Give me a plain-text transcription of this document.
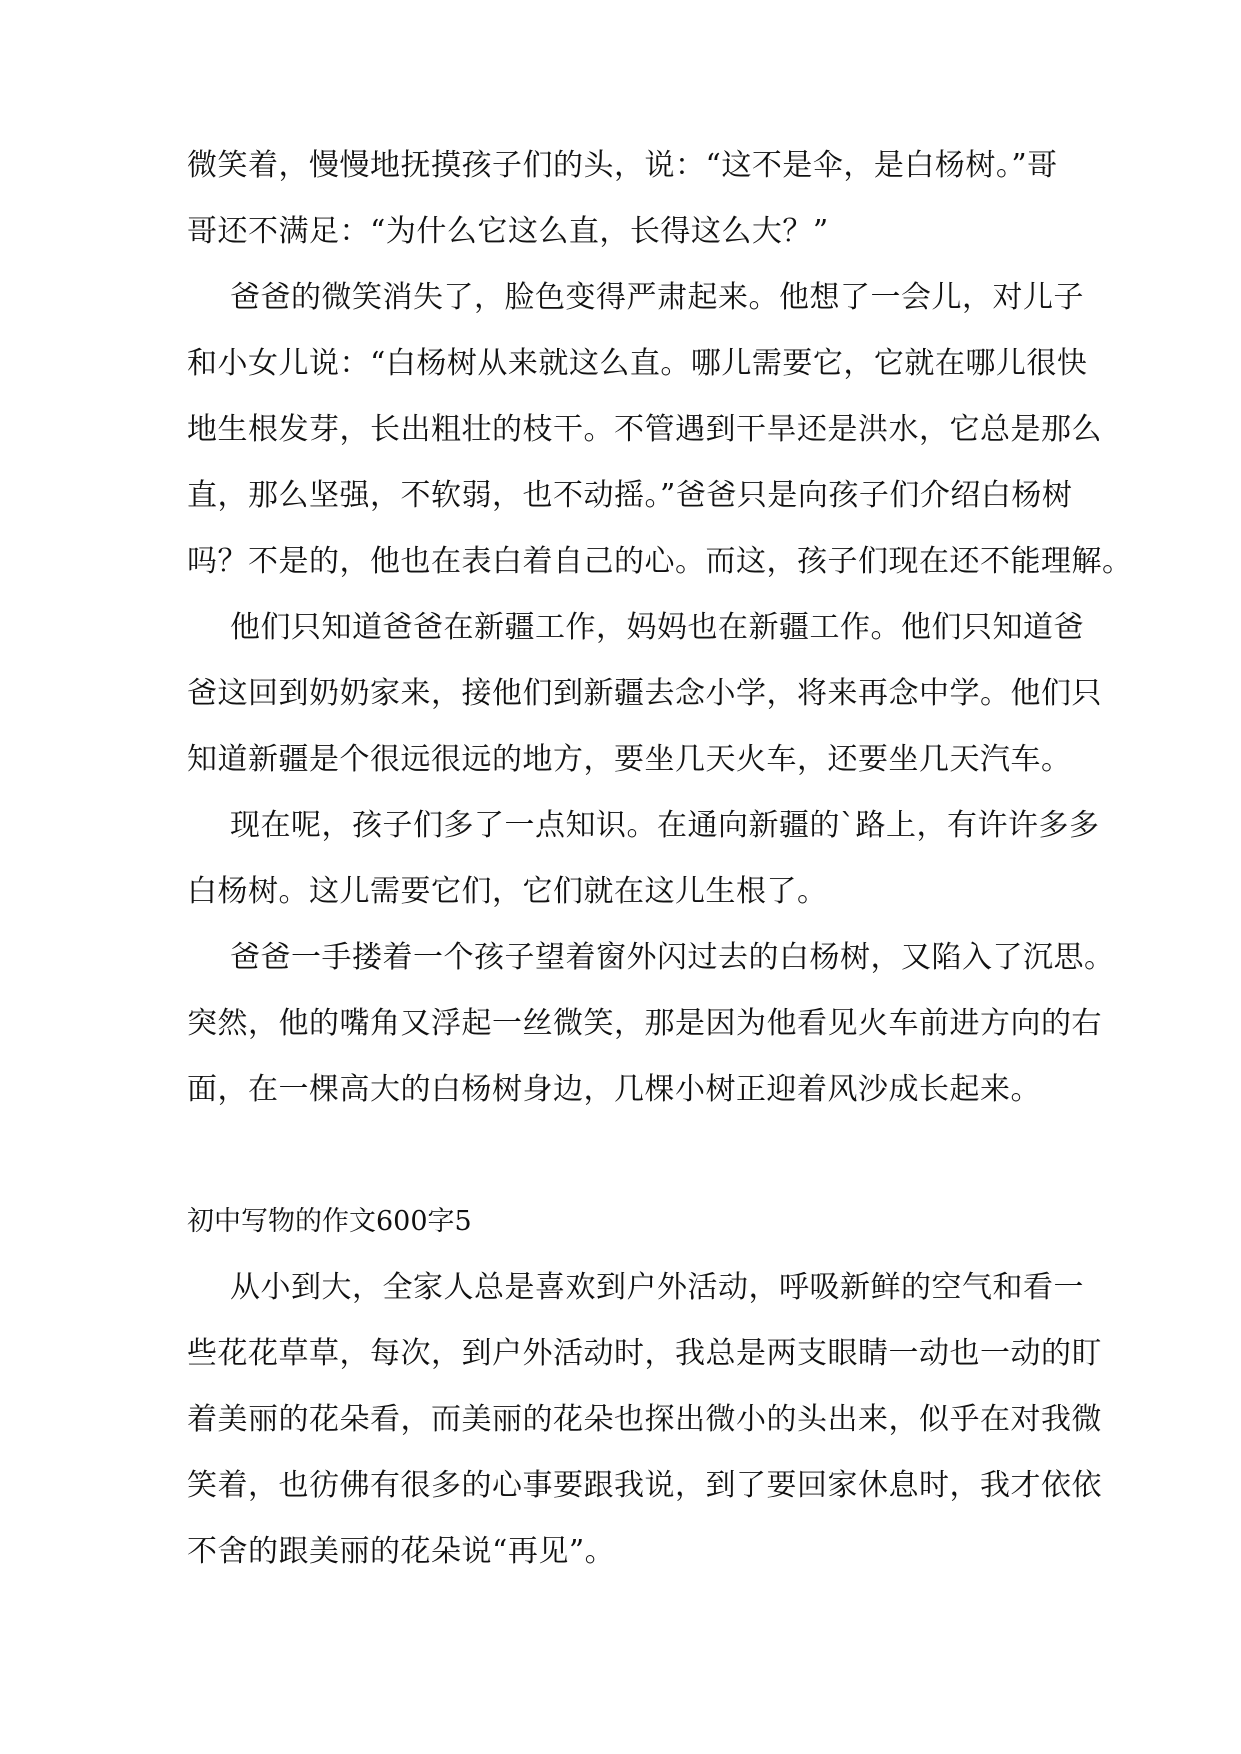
微笑着，慢慢地抚摸孩子们的头，说：“这不是伞，是白杨树。”哥
哥还不满足：“为什么它这么直，长得这么大？”
爸爸的微笑消失了，脸色变得严肃起来。他想了一会儿，对儿子
和小女儿说：“白杨树从来就这么直。哪儿需要它，它就在哪儿很快
地生根发芽，长出粗壮的枝干。不管遇到干旱还是洪水，它总是那么
直，那么坚强，不软弱，也不动摇。”爸爸只是向孩子们介绍白杨树
吗？不是的，他也在表白着自己的心。而这，孩子们现在还不能理解。
他们只知道爸爸在新疆工作，妈妈也在新疆工作。他们只知道爸
爸这回到奶奶家来，接他们到新疆去念小学，将来再念中学。他们只
知道新疆是个很远很远的地方，要坐几天火车，还要坐几天汽车。
现在呢，孩子们多了一点知识。在通向新疆的`路上，有许许多多
白杨树。这儿需要它们，它们就在这儿生根了。
爸爸一手搂着一个孩子望着窗外闪过去的白杨树，又陷入了沉思。
突然，他的嘴角又浮起一丝微笑，那是因为他看见火车前进方向的右
面，在一棵高大的白杨树身边，几棵小树正迎着风沙成长起来。
初中写物的作文600字5
从小到大，全家人总是喜欢到户外活动，呼吸新鲜的空气和看一
些花花草草，每次，到户外活动时，我总是两支眼睛一动也一动的盯
着美丽的花朵看，而美丽的花朵也探出微小的头出来，似乎在对我微
笑着，也彷佛有很多的心事要跟我说，到了要回家休息时，我才依依
不舍的跟美丽的花朵说“再见”。
